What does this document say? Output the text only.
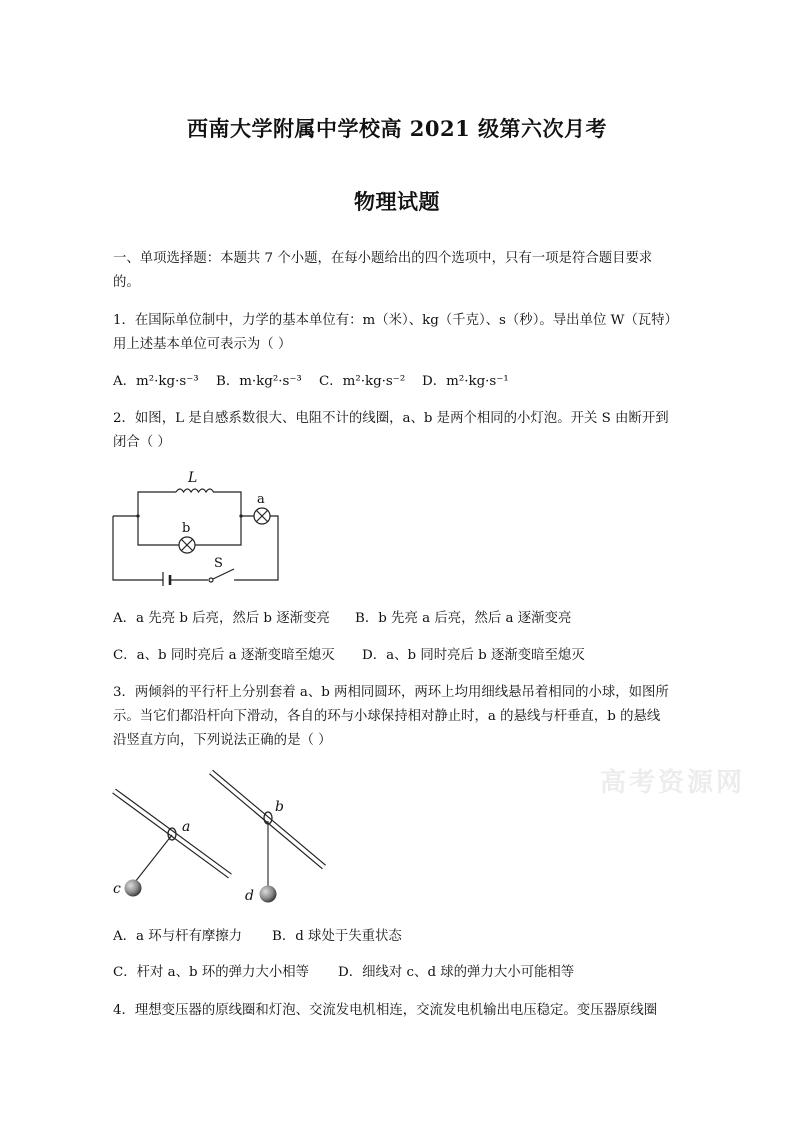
西南大学附属中学校高 2021 级第六次月考
物理试题
一、单项选择题：本题共 7 个小题，在每小题给出的四个选项中，只有一项是符合题目要求
的。
1．在国际单位制中，力学的基本单位有：m（米）、kg（千克）、s（秒）。导出单位 W（瓦特）
用上述基本单位可表示为（ ）
A．m²·kg·s⁻³ B．m·kg²·s⁻³ C．m²·kg·s⁻² D．m²·kg·s⁻¹
2．如图，L 是自感系数很大、电阻不计的线圈，a、b 是两个相同的小灯泡。开关 S 由断开到
闭合（ ）
L
a
b
S
A．a 先亮 b 后亮，然后 b 逐渐变亮 B．b 先亮 a 后亮，然后 a 逐渐变亮
C．a、b 同时亮后 a 逐渐变暗至熄灭 D．a、b 同时亮后 b 逐渐变暗至熄灭
3．两倾斜的平行杆上分别套着 a、b 两相同圆环，两环上均用细线悬吊着相同的小球，如图所
示。当它们都沿杆向下滑动，各自的环与小球保持相对静止时，a 的悬线与杆垂直，b 的悬线
沿竖直方向，下列说法正确的是（ ）
高考资源网
a
b
c	d
A．a 环与杆有摩擦力 B．d 球处于失重状态
C．杆对 a、b 环的弹力大小相等 D．细线对 c、d 球的弹力大小可能相等
4．理想变压器的原线圈和灯泡、交流发电机相连，交流发电机输出电压稳定。变压器原线圈
